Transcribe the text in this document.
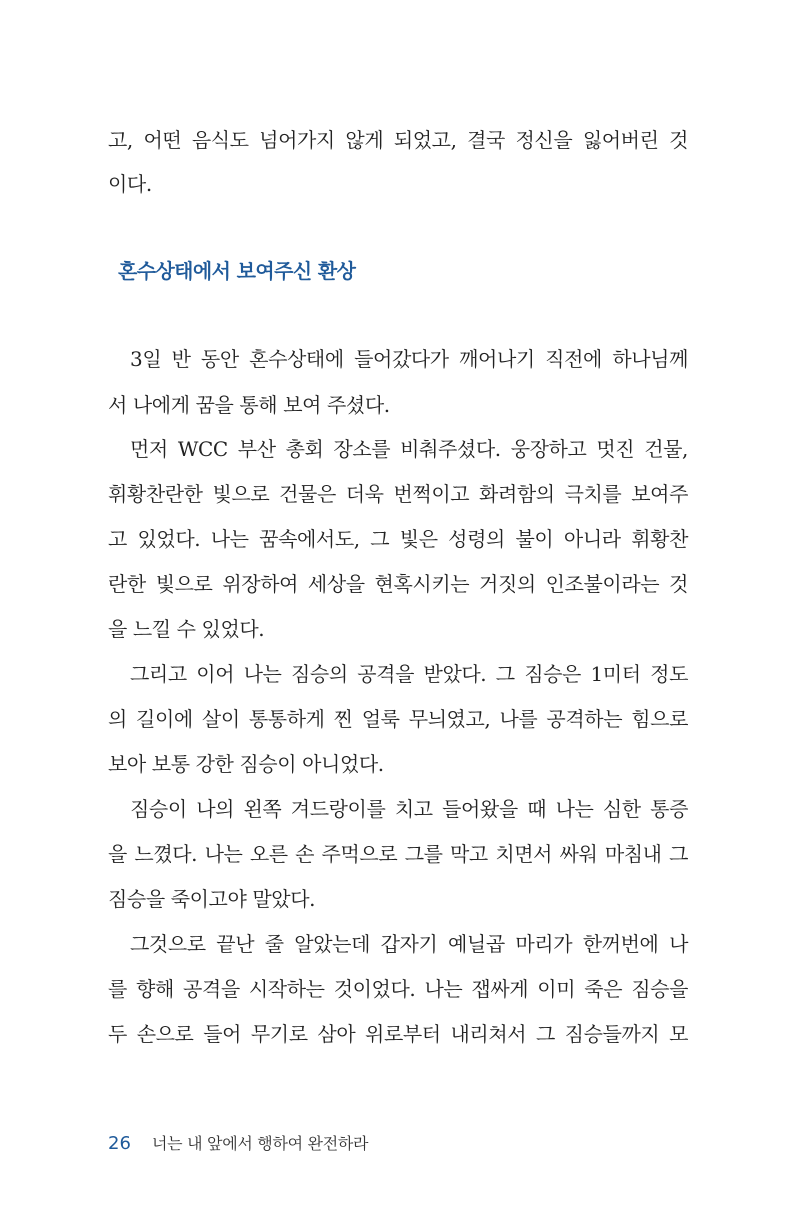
고, 어떤 음식도 넘어가지 않게 되었고, 결국 정신을 잃어버린 것
이다.
혼수상태에서 보여주신 환상
3일 반 동안 혼수상태에 들어갔다가 깨어나기 직전에 하나님께
서 나에게 꿈을 통해 보여 주셨다.
먼저 WCC 부산 총회 장소를 비춰주셨다. 웅장하고 멋진 건물,
휘황찬란한 빛으로 건물은 더욱 번쩍이고 화려함의 극치를 보여주
고 있었다. 나는 꿈속에서도, 그 빛은 성령의 불이 아니라 휘황찬
란한 빛으로 위장하여 세상을 현혹시키는 거짓의 인조불이라는 것
을 느낄 수 있었다.
그리고 이어 나는 짐승의 공격을 받았다. 그 짐승은 1미터 정도
의 길이에 살이 통통하게 찐 얼룩 무늬였고, 나를 공격하는 힘으로
보아 보통 강한 짐승이 아니었다.
짐승이 나의 왼쪽 겨드랑이를 치고 들어왔을 때 나는 심한 통증
을 느꼈다. 나는 오른 손 주먹으로 그를 막고 치면서 싸워 마침내 그
짐승을 죽이고야 말았다.
그것으로 끝난 줄 알았는데 갑자기 예닐곱 마리가 한꺼번에 나
를 향해 공격을 시작하는 것이었다. 나는 잽싸게 이미 죽은 짐승을
두 손으로 들어 무기로 삼아 위로부터 내리쳐서 그 짐승들까지 모
26 너는 내 앞에서 행하여 완전하라
